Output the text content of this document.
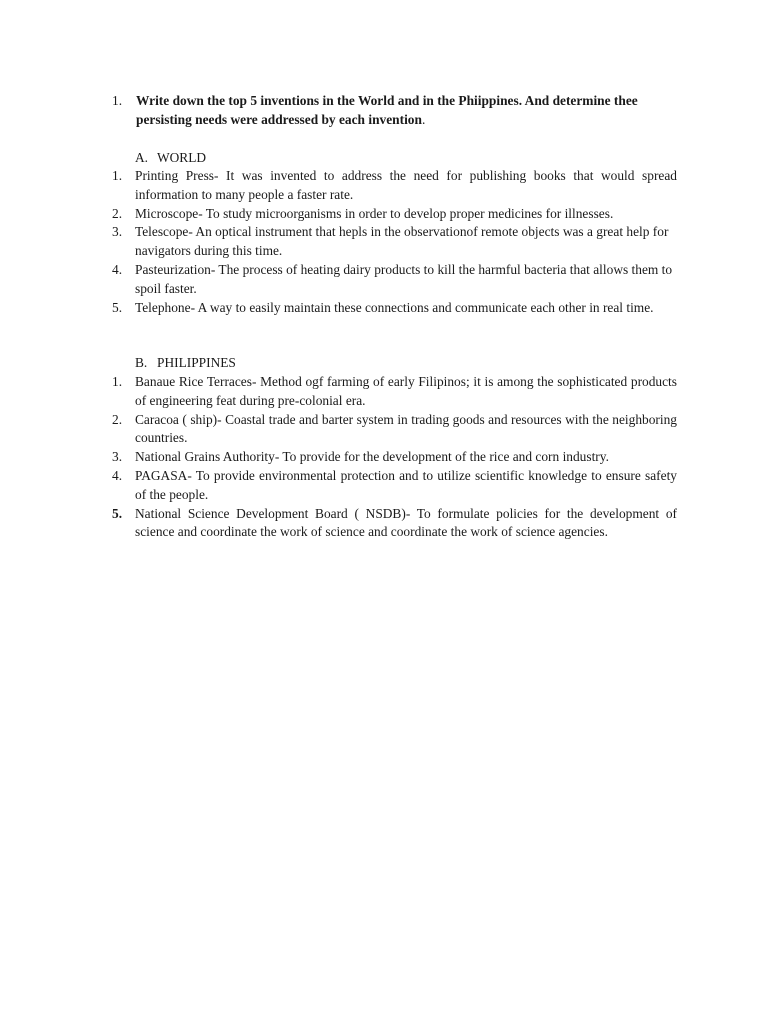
1. Write down the top 5 inventions in the World and in the Phiippines. And determine thee persisting needs were addressed by each invention.
A. WORLD
1. Printing Press- It was invented to address the need for publishing books that would spread information to many people a faster rate.
2. Microscope- To study microorganisms in order to develop proper medicines for illnesses.
3. Telescope- An optical instrument that hepls in the observationof remote objects was a great help for navigators during this time.
4. Pasteurization- The process of heating dairy products to kill the harmful bacteria that allows them to spoil faster.
5. Telephone- A way to easily maintain these connections and communicate each other in real time.
B. PHILIPPINES
1. Banaue Rice Terraces- Method ogf farming of early Filipinos; it is among the sophisticated products of engineering feat during pre-colonial era.
2. Caracoa ( ship)- Coastal trade and barter system in trading goods and resources with the neighboring countries.
3. National Grains Authority- To provide for the development of the rice and corn industry.
4. PAGASA- To provide environmental protection and to utilize scientific knowledge to ensure safety of the people.
5. National Science Development Board ( NSDB)- To formulate policies for the development of science and coordinate the work of science and coordinate the work of science agencies.
